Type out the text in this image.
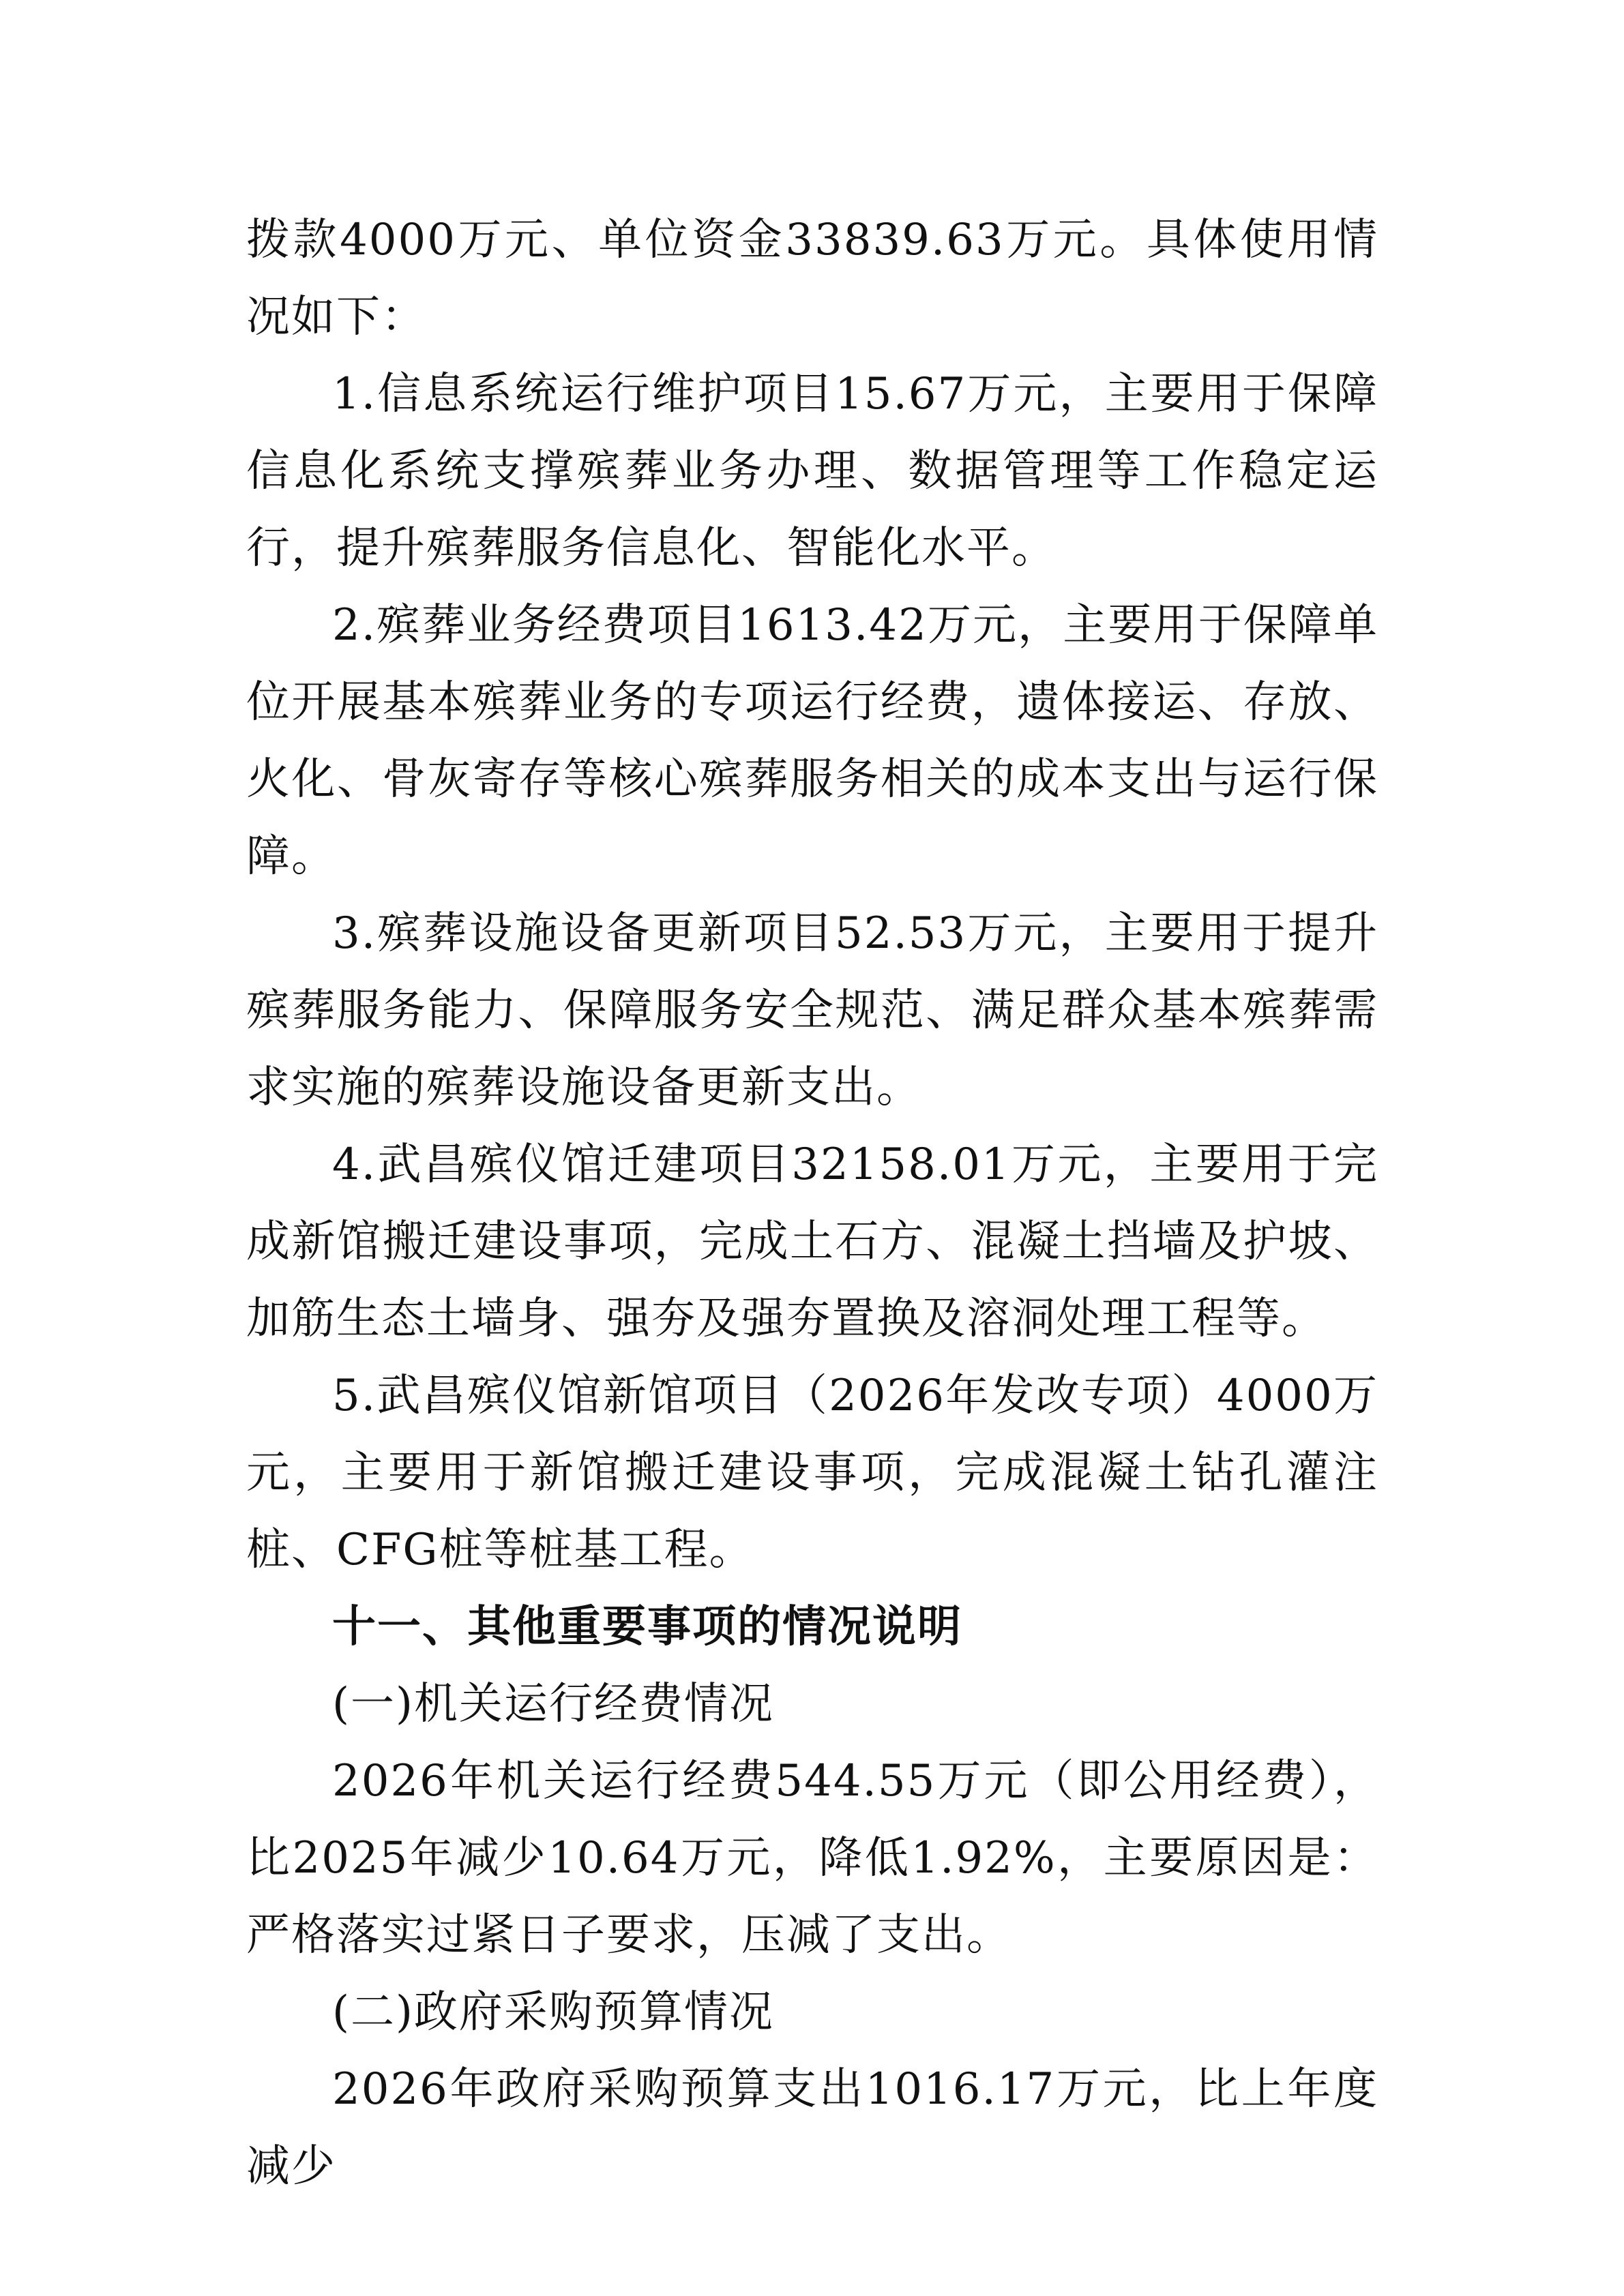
拨款4000万元、单位资金33839.63万元。具体使用情况如下：

1.信息系统运行维护项目15.67万元，主要用于保障信息化系统支撑殡葬业务办理、数据管理等工作稳定运行，提升殡葬服务信息化、智能化水平。

2.殡葬业务经费项目1613.42万元，主要用于保障单位开展基本殡葬业务的专项运行经费，遗体接运、存放、火化、骨灰寄存等核心殡葬服务相关的成本支出与运行保障。

3.殡葬设施设备更新项目52.53万元，主要用于提升殡葬服务能力、保障服务安全规范、满足群众基本殡葬需求实施的殡葬设施设备更新支出。

4.武昌殡仪馆迁建项目32158.01万元，主要用于完成新馆搬迁建设事项，完成土石方、混凝土挡墙及护坡、加筋生态土墙身、强夯及强夯置换及溶洞处理工程等。

5.武昌殡仪馆新馆项目（2026年发改专项）4000万元，主要用于新馆搬迁建设事项，完成混凝土钻孔灌注桩、CFG桩等桩基工程。

十一、其他重要事项的情况说明

(一)机关运行经费情况

2026年机关运行经费544.55万元（即公用经费），比2025年减少10.64万元，降低1.92%，主要原因是：严格落实过紧日子要求，压减了支出。

(二)政府采购预算情况

2026年政府采购预算支出1016.17万元，比上年度减少
